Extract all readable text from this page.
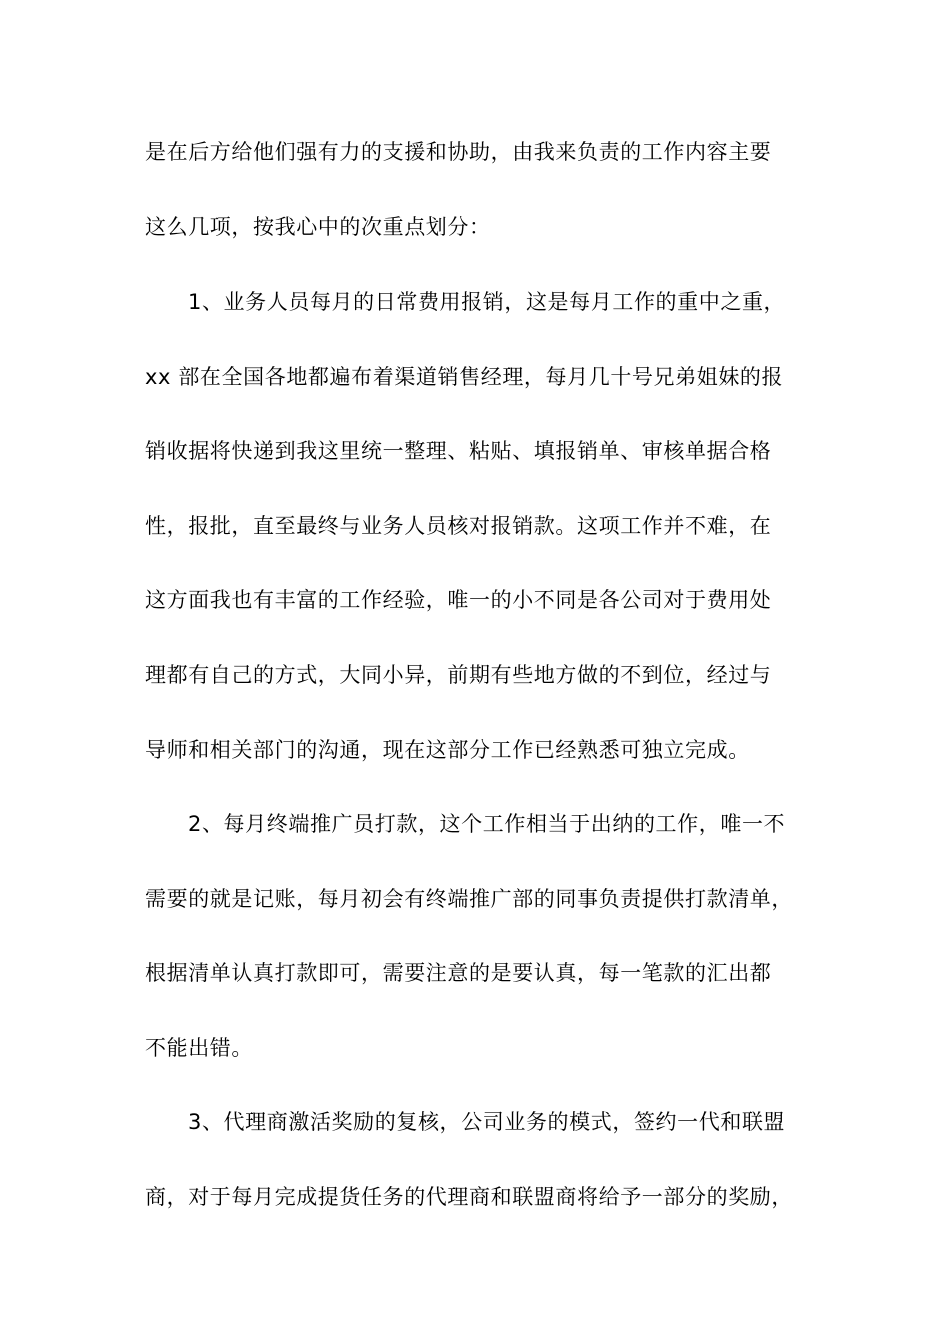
是在后方给他们强有力的支援和协助，由我来负责的工作内容主要
这么几项，按我心中的次重点划分：
1、业务人员每月的日常费用报销，这是每月工作的重中之重，
xx 部在全国各地都遍布着渠道销售经理，每月几十号兄弟姐妹的报
销收据将快递到我这里统一整理、粘贴、填报销单、审核单据合格
性，报批，直至最终与业务人员核对报销款。这项工作并不难，在
这方面我也有丰富的工作经验，唯一的小不同是各公司对于费用处
理都有自己的方式，大同小异，前期有些地方做的不到位，经过与
导师和相关部门的沟通，现在这部分工作已经熟悉可独立完成。
2、每月终端推广员打款，这个工作相当于出纳的工作，唯一不
需要的就是记账，每月初会有终端推广部的同事负责提供打款清单，
根据清单认真打款即可，需要注意的是要认真，每一笔款的汇出都
不能出错。
3、代理商激活奖励的复核，公司业务的模式，签约一代和联盟
商，对于每月完成提货任务的代理商和联盟商将给予一部分的奖励，
